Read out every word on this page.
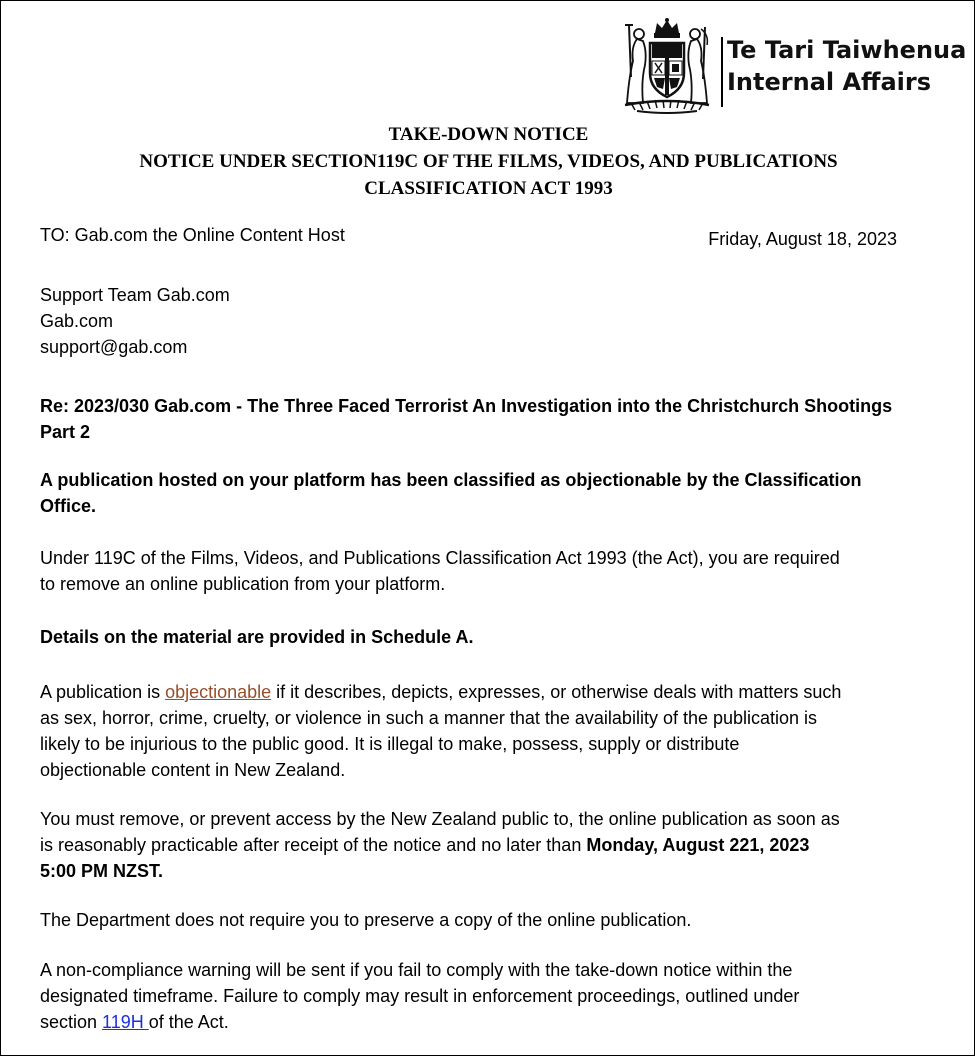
Te Tari Taiwhenua
Internal Affairs
TAKE-DOWN NOTICE
NOTICE UNDER SECTION119C OF THE FILMS, VIDEOS, AND PUBLICATIONS
CLASSIFICATION ACT 1993
TO: Gab.com the Online Content Host	Friday, August 18, 2023
Support Team Gab.com
Gab.com
support@gab.com
Re: 2023/030 Gab.com - The Three Faced Terrorist An Investigation into the Christchurch Shootings
Part 2
A publication hosted on your platform has been classified as objectionable by the Classification
Office.
Under 119C of the Films, Videos, and Publications Classification Act 1993 (the Act), you are required
to remove an online publication from your platform.
Details on the material are provided in Schedule A.
A publication is objectionable if it describes, depicts, expresses, or otherwise deals with matters such
as sex, horror, crime, cruelty, or violence in such a manner that the availability of the publication is
likely to be injurious to the public good. It is illegal to make, possess, supply or distribute
objectionable content in New Zealand.
You must remove, or prevent access by the New Zealand public to, the online publication as soon as
is reasonably practicable after receipt of the notice and no later than Monday, August 221, 2023
5:00 PM NZST.
The Department does not require you to preserve a copy of the online publication.
A non-compliance warning will be sent if you fail to comply with the take-down notice within the
designated timeframe. Failure to comply may result in enforcement proceedings, outlined under
section 119H of the Act.
